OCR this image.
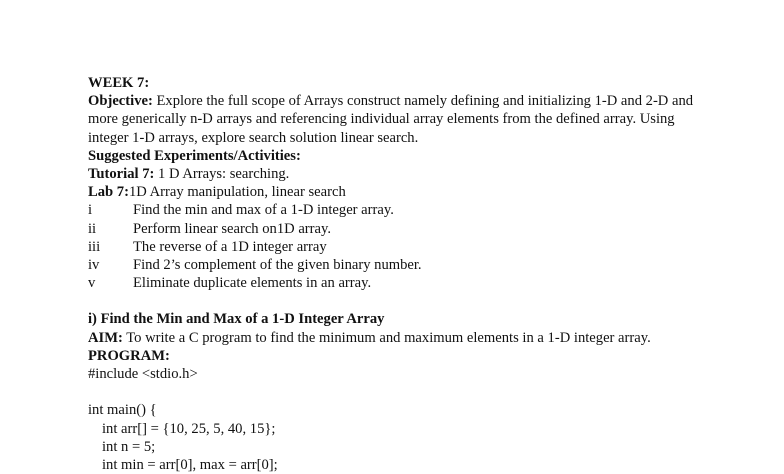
WEEK 7:
Objective: Explore the full scope of Arrays construct namely defining and initializing 1-D and 2-D and
more generically n-D arrays and referencing individual array elements from the defined array. Using
integer 1-D arrays, explore search solution linear search.
Suggested Experiments/Activities:
Tutorial 7: 1 D Arrays: searching.
Lab 7:1D Array manipulation, linear search
i	Find the min and max of a 1-D integer array.
ii	Perform linear search on1D array.
iii	The reverse of a 1D integer array
iv	Find 2’s complement of the given binary number.
v	Eliminate duplicate elements in an array.
i) Find the Min and Max of a 1-D Integer Array
AIM: To write a C program to find the minimum and maximum elements in a 1-D integer array.
PROGRAM:
#include <stdio.h>
int main() {
int arr[] = {10, 25, 5, 40, 15};
int n = 5;
int min = arr[0], max = arr[0];
